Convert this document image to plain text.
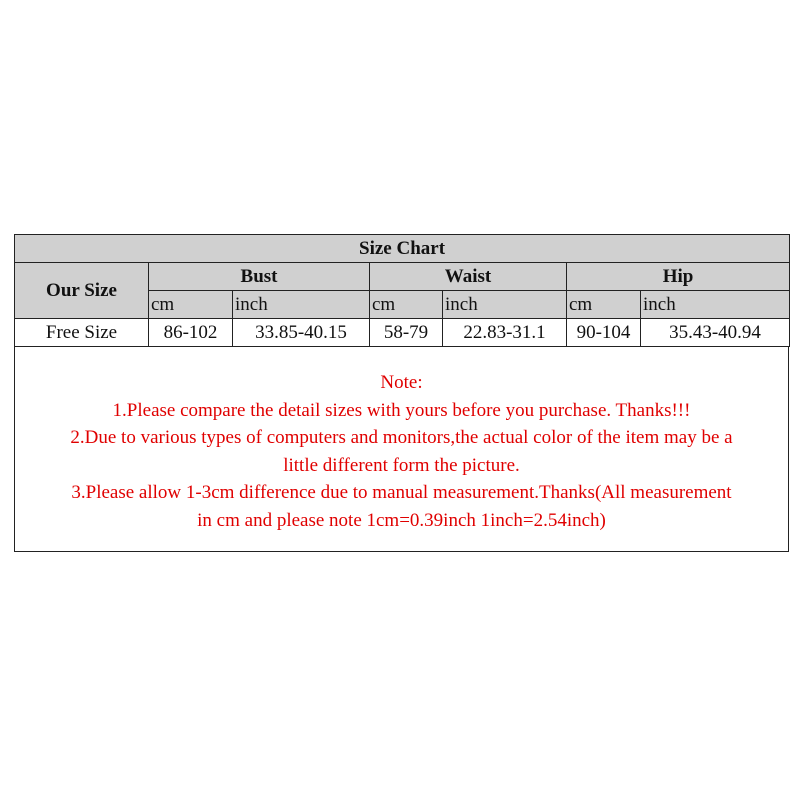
Size Chart						
Our Size	Bust		Waist		Hip	
	cm	inch	cm	inch	cm	inch
Free Size	86-102	33.85-40.15	58-79	22.83-31.1	90-104	35.43-40.94

Note:

1.Please compare the detail sizes with yours before you purchase. Thanks!!!

2.Due to various types of computers and monitors,the actual color of the item may be a

little different form the picture.

3.Please allow 1-3cm difference due to manual measurement.Thanks(All measurement

in cm and please note 1cm=0.39inch 1inch=2.54inch)
